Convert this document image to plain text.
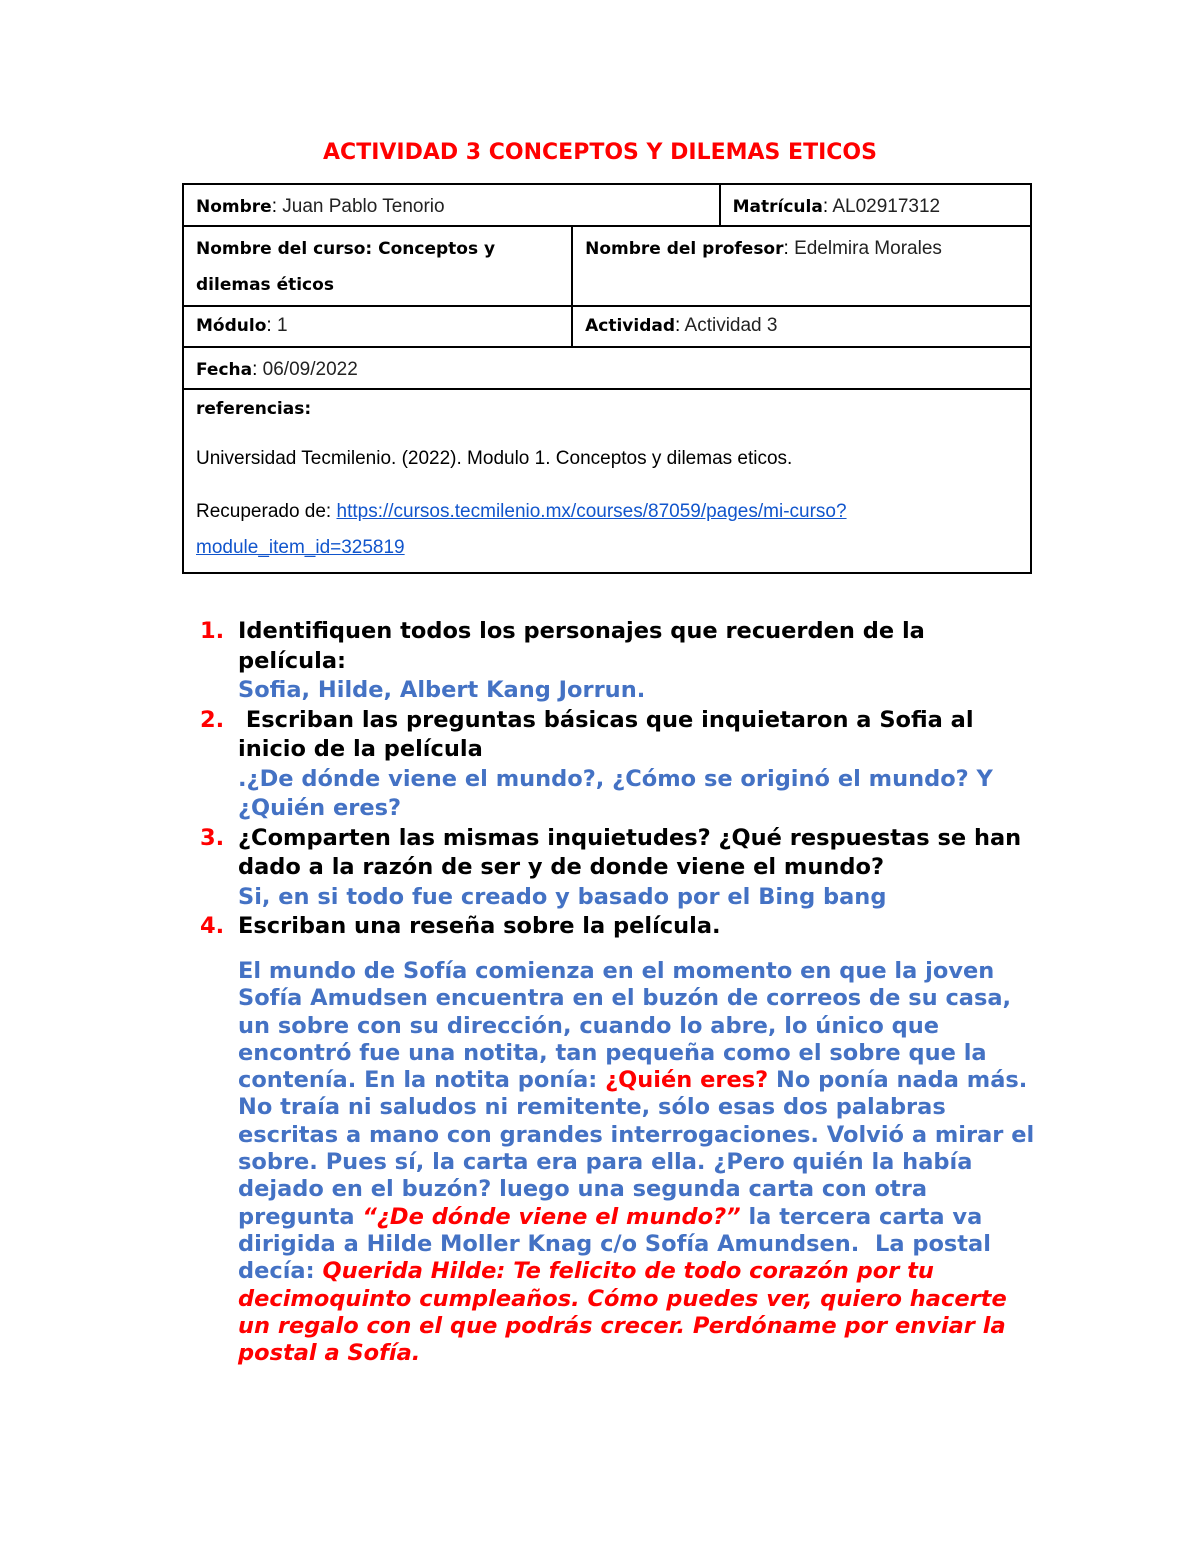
ACTIVIDAD 3 CONCEPTOS Y DILEMAS ETICOS
Nombre: Juan Pablo Tenorio		Matrícula: AL02917312

Nombre del curso: Conceptos y dilemas éticos	Nombre del profesor: Edelmira Morales	

Módulo: 1	Actividad: Actividad 3	

Fecha: 06/09/2022		

referencias:

Universidad Tecmilenio. (2022). Modulo 1. Conceptos y dilemas eticos.

Recuperado de: https://cursos.tecmilenio.mx/courses/87059/pages/mi-curso?

module_item_id=325819		

1. Identifiquen todos los personajes que recuerden de la película:
Sofia, Hilde, Albert Kang Jorrun.
2. Escriban las preguntas básicas que inquietaron a Sofia al inicio de la película
.¿De dónde viene el mundo?, ¿Cómo se originó el mundo? Y ¿Quién eres?
3. ¿Comparten las mismas inquietudes? ¿Qué respuestas se han dado a la razón de ser y de donde viene el mundo?
Si, en si todo fue creado y basado por el Bing bang
4. Escriban una reseña sobre la película.
El mundo de Sofía comienza en el momento en que la joven Sofía Amudsen encuentra en el buzón de correos de su casa, un sobre con su dirección, cuando lo abre, lo único que encontró fue una notita, tan pequeña como el sobre que la contenía. En la notita ponía: ¿Quién eres? No ponía nada más. No traía ni saludos ni remitente, sólo esas dos palabras escritas a mano con grandes interrogaciones. Volvió a mirar el sobre. Pues sí, la carta era para ella. ¿Pero quién la había dejado en el buzón? luego una segunda carta con otra pregunta “¿De dónde viene el mundo?” la tercera carta va dirigida a Hilde Moller Knag c/o Sofía Amundsen.  La postal decía: Querida Hilde: Te felicito de todo corazón por tu decimoquinto cumpleaños. Cómo puedes ver, quiero hacerte un regalo con el que podrás crecer. Perdóname por enviar la postal a Sofía.
